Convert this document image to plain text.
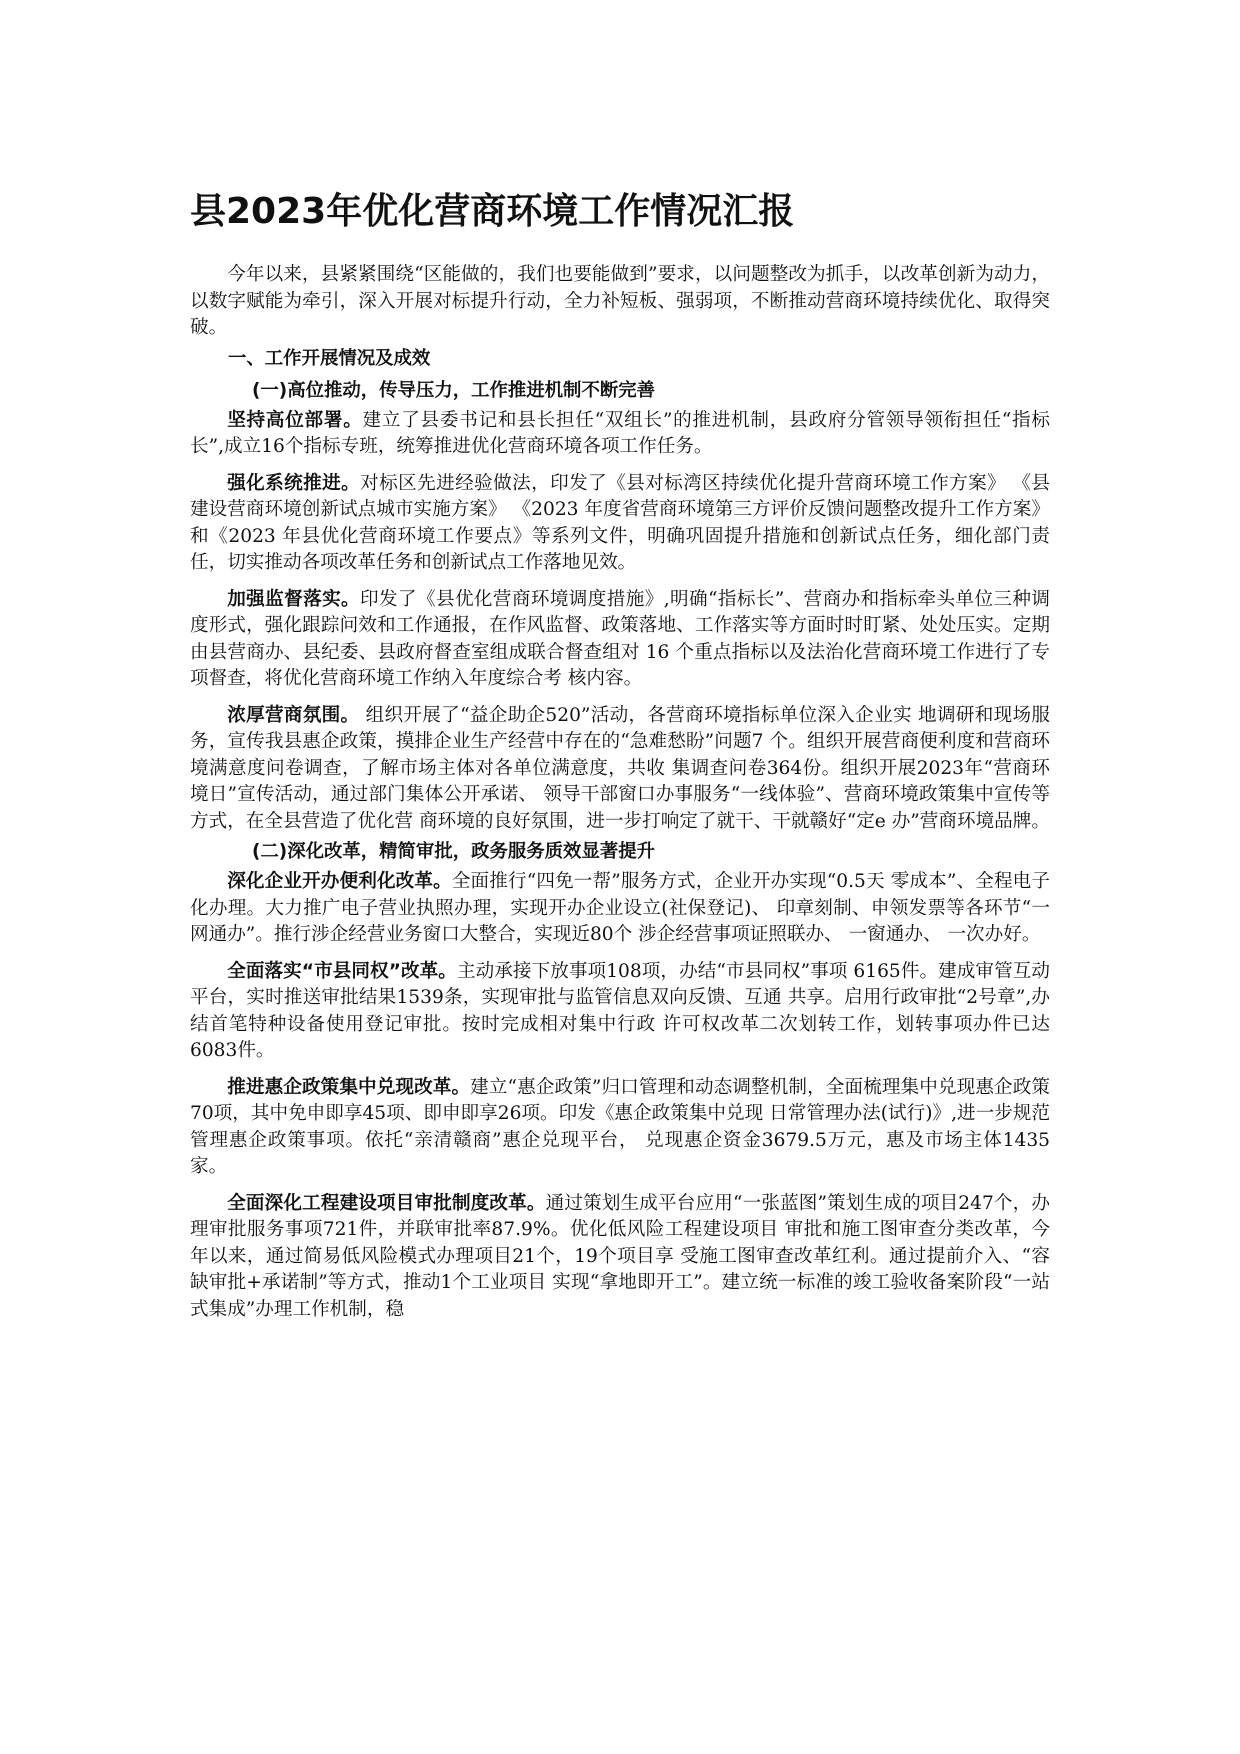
县2023年优化营商环境工作情况汇报

今年以来，县紧紧围绕“区能做的，我们也要能做到”要求，以问题整改为抓手，以改革创新为动力，以数字赋能为牵引，深入开展对标提升行动，全力补短板、强弱项，不断推动营商环境持续优化、取得突破。

一、工作开展情况及成效
(一)高位推动，传导压力，工作推进机制不断完善

坚持高位部署。建立了县委书记和县长担任“双组长”的推进机制，县政府分管领导领衔担任“指标长”,成立16个指标专班，统筹推进优化营商环境各项工作任务。

强化系统推进。对标区先进经验做法，印发了《县对标湾区持续优化提升营商环境工作方案》 《县建设营商环境创新试点城市实施方案》 《2023 年度省营商环境第三方评价反馈问题整改提升工作方案》和《2023 年县优化营商环境工作要点》等系列文件，明确巩固提升措施和创新试点任务，细化部门责任，切实推动各项改革任务和创新试点工作落地见效。

加强监督落实。印发了《县优化营商环境调度措施》,明确“指标长”、营商办和指标牵头单位三种调度形式，强化跟踪问效和工作通报，在作风监督、政策落地、工作落实等方面时时盯紧、处处压实。定期由县营商办、县纪委、县政府督查室组成联合督查组对 16 个重点指标以及法治化营商环境工作进行了专项督查，将优化营商环境工作纳入年度综合考 核内容。

浓厚营商氛围。 组织开展了“益企助企520”活动，各营商环境指标单位深入企业实 地调研和现场服务，宣传我县惠企政策，摸排企业生产经营中存在的“急难愁盼”问题7 个。组织开展营商便利度和营商环境满意度问卷调查，了解市场主体对各单位满意度，共收 集调查问卷364份。组织开展2023年“营商环境日”宣传活动，通过部门集体公开承诺、 领导干部窗口办事服务“一线体验”、营商环境政策集中宣传等方式，在全县营造了优化营 商环境的良好氛围，进一步打响定了就干、干就赣好“定e 办”营商环境品牌。

(二)深化改革，精简审批，政务服务质效显著提升

深化企业开办便利化改革。全面推行“四免一帮”服务方式，企业开办实现“0.5天 零成本”、全程电子化办理。大力推广电子营业执照办理，实现开办企业设立(社保登记)、 印章刻制、申领发票等各环节“一网通办”。推行涉企经营业务窗口大整合，实现近80个 涉企经营事项证照联办、 一窗通办、 一次办好。

全面落实“市县同权”改革。主动承接下放事项108项，办结“市县同权”事项 6165件。建成审管互动平台，实时推送审批结果1539条，实现审批与监管信息双向反馈、互通 共享。启用行政审批“2号章”,办结首笔特种设备使用登记审批。按时完成相对集中行政 许可权改革二次划转工作，划转事项办件已达6083件。

推进惠企政策集中兑现改革。建立“惠企政策”归口管理和动态调整机制，全面梳理集中兑现惠企政策70项，其中免申即享45项、即申即享26项。印发《惠企政策集中兑现 日常管理办法(试行)》,进一步规范管理惠企政策事项。依托“亲清赣商”惠企兑现平台， 兑现惠企资金3679.5万元，惠及市场主体1435家。

全面深化工程建设项目审批制度改革。通过策划生成平台应用“一张蓝图”策划生成的项目247个，办理审批服务事项721件，并联审批率87.9%。优化低风险工程建设项目 审批和施工图审查分类改革，今年以来，通过简易低风险模式办理项目21个，19个项目享 受施工图审查改革红利。通过提前介入、“容缺审批+承诺制”等方式，推动1个工业项目 实现“拿地即开工”。建立统一标准的竣工验收备案阶段“一站式集成”办理工作机制，稳
